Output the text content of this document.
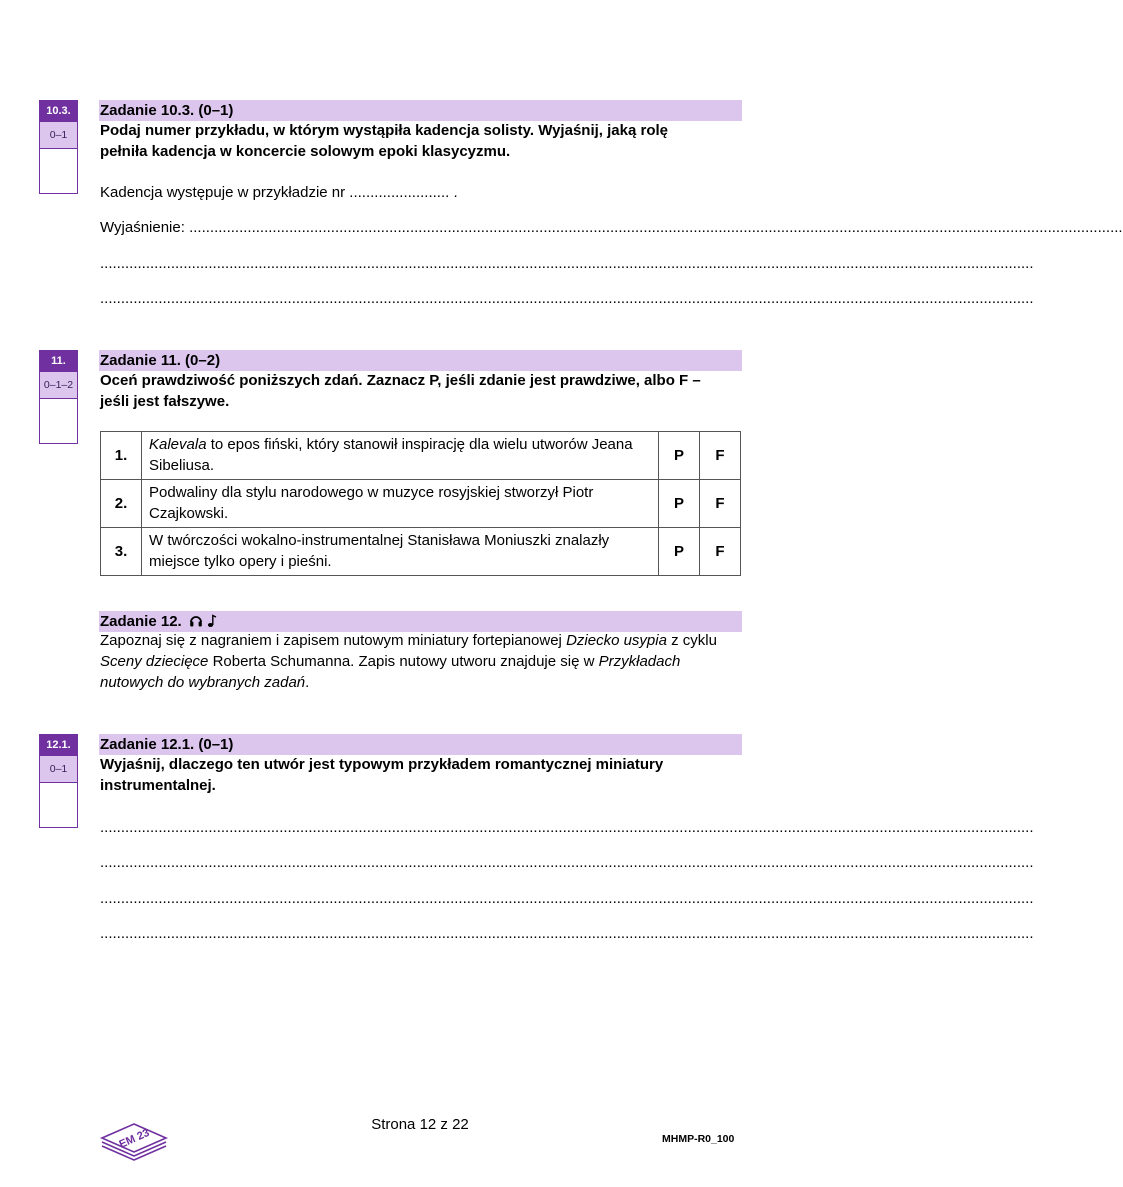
10.3.
0–1
Zadanie 10.3. (0–1)
Podaj numer przykładu, w którym wystąpiła kadencja solisty. Wyjaśnij, jaką rolę
pełniła kadencja w koncercie solowym epoki klasycyzmu.
Kadencja występuje w przykładzie nr ........................ .
Wyjaśnienie: ................................................................................................................................................................................................................................
................................................................................................................................................................................................................................
................................................................................................................................................................................................................................
11.
0–1–2
Zadanie 11. (0–2)
Oceń prawdziwość poniższych zdań. Zaznacz P, jeśli zdanie jest prawdziwe, albo F –
jeśli jest fałszywe.
1.	Kalevala to epos fiński, który stanowił inspirację dla wielu utworów Jeana
Sibeliusa.	P	F
2.	Podwaliny dla stylu narodowego w muzyce rosyjskiej stworzył Piotr
Czajkowski.	P	F
3.	W twórczości wokalno-instrumentalnej Stanisława Moniuszki znalazły
miejsce tylko opery i pieśni.	P	F
Zadanie 12.
Zapoznaj się z nagraniem i zapisem nutowym miniatury fortepianowej Dziecko usypia z cyklu Sceny dziecięce Roberta Schumanna. Zapis nutowy utworu znajduje się w Przykładach nutowych do wybranych zadań.
12.1.
0–1
Zadanie 12.1. (0–1)
Wyjaśnij, dlaczego ten utwór jest typowym przykładem romantycznej miniatury
instrumentalnej.
................................................................................................................................................................................................................................
................................................................................................................................................................................................................................
................................................................................................................................................................................................................................
................................................................................................................................................................................................................................
EM 23
Strona 12 z 22
MHMP-R0_100
